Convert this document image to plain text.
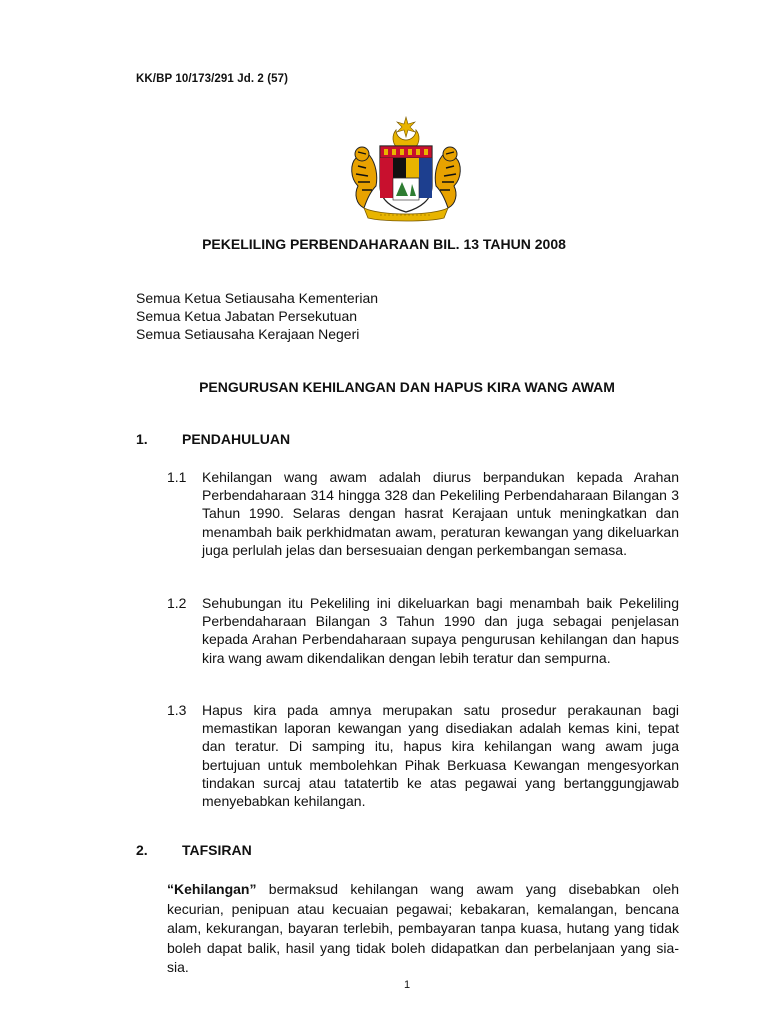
KK/BP 10/173/291 Jd. 2 (57)
PEKELILING PERBENDAHARAAN BIL. 13 TAHUN 2008
Semua Ketua Setiausaha Kementerian
Semua Ketua Jabatan Persekutuan
Semua Setiausaha Kerajaan Negeri
PENGURUSAN KEHILANGAN DAN HAPUS KIRA WANG AWAM
1. PENDAHULUAN
1.1 Kehilangan wang awam adalah diurus berpandukan kepada Arahan Perbendaharaan 314 hingga 328 dan Pekeliling Perbendaharaan Bilangan 3 Tahun 1990. Selaras dengan hasrat Kerajaan untuk meningkatkan dan menambah baik perkhidmatan awam, peraturan kewangan yang dikeluarkan juga perlulah jelas dan bersesuaian dengan perkembangan semasa.
1.2 Sehubungan itu Pekeliling ini dikeluarkan bagi menambah baik Pekeliling Perbendaharaan Bilangan 3 Tahun 1990 dan juga sebagai penjelasan kepada Arahan Perbendaharaan supaya pengurusan kehilangan dan hapus kira wang awam dikendalikan dengan lebih teratur dan sempurna.
1.3 Hapus kira pada amnya merupakan satu prosedur perakaunan bagi memastikan laporan kewangan yang disediakan adalah kemas kini, tepat dan teratur. Di samping itu, hapus kira kehilangan wang awam juga bertujuan untuk membolehkan Pihak Berkuasa Kewangan mengesyorkan tindakan surcaj atau tatatertib ke atas pegawai yang bertanggungjawab menyebabkan kehilangan.
2. TAFSIRAN
“Kehilangan” bermaksud kehilangan wang awam yang disebabkan oleh kecurian, penipuan atau kecuaian pegawai; kebakaran, kemalangan, bencana alam, kekurangan, bayaran terlebih, pembayaran tanpa kuasa, hutang yang tidak boleh dapat balik, hasil yang tidak boleh didapatkan dan perbelanjaan yang sia-sia.
1
